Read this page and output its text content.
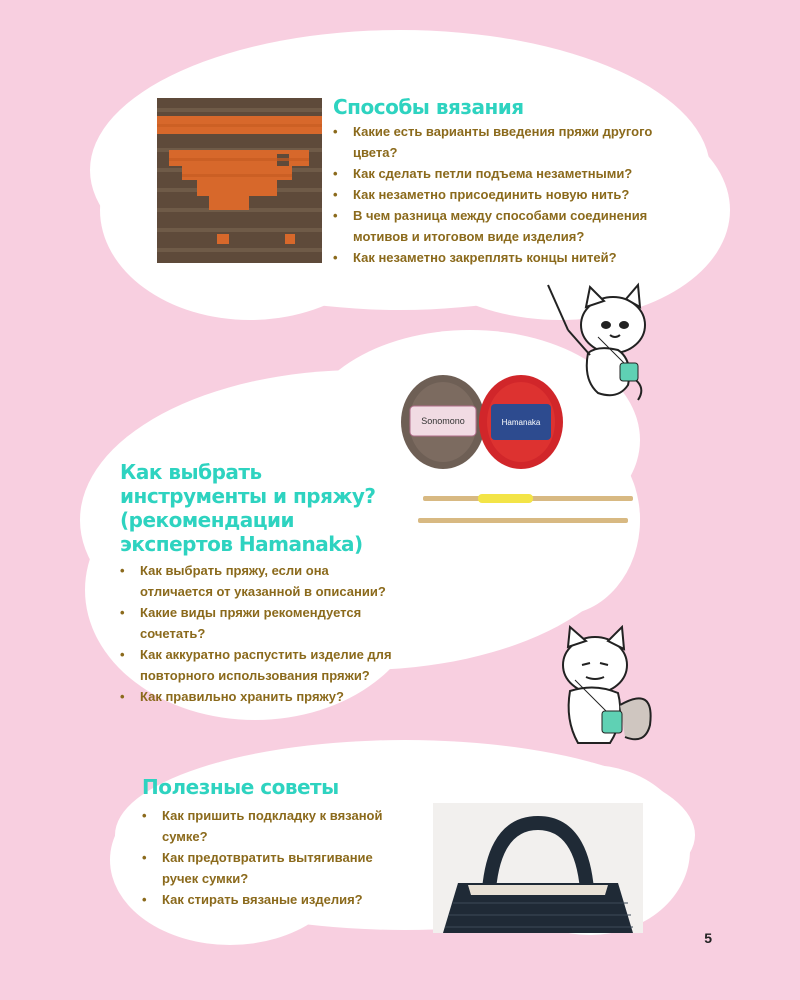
Способы вязания
• Какие есть варианты введения пряжи другого цвета?
• Как сделать петли подъема незаметными?
• Как незаметно присоединить новую нить?
• В чем разница между способами соединения мотивов и итоговом виде изделия?
• Как незаметно закреплять концы нитей?
Sonomono	Hamanaka
Как выбрать
инструменты и пряжу?
(рекомендации
экспертов Hamanaka)
• Как выбрать пряжу, если она отличается от указанной в описании?
• Какие виды пряжи рекомендуется сочетать?
• Как аккуратно распустить изделие для повторного использования пряжи?
• Как правильно хранить пряжу?
Полезные советы
• Как пришить подкладку к вязаной сумке?
• Как предотвратить вытягивание ручек сумки?
• Как стирать вязаные изделия?
5
